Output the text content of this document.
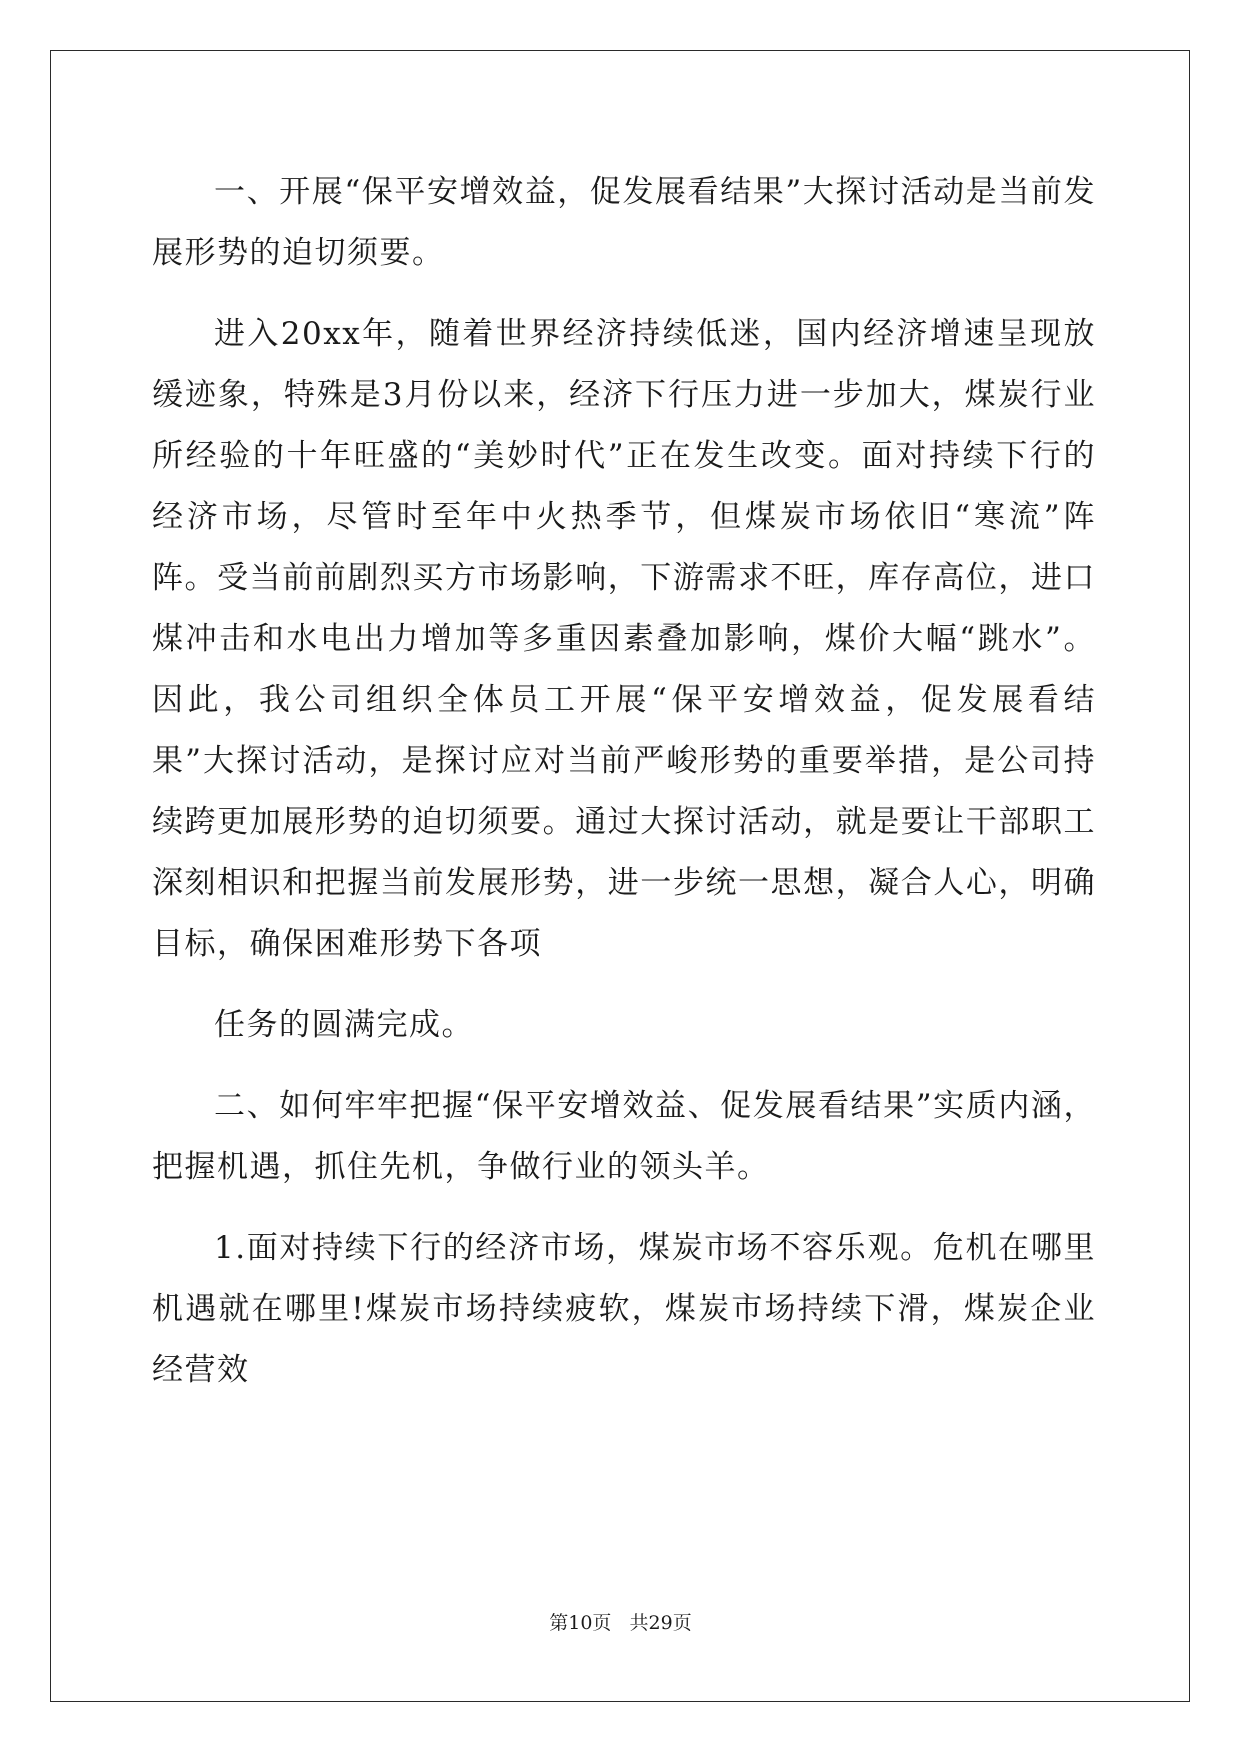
一、开展“保平安增效益，促发展看结果”大探讨活动是当前发展形势的迫切须要。

进入20xx年，随着世界经济持续低迷，国内经济增速呈现放缓迹象，特殊是3月份以来，经济下行压力进一步加大，煤炭行业所经验的十年旺盛的“美妙时代”正在发生改变。面对持续下行的经济市场，尽管时至年中火热季节，但煤炭市场依旧“寒流”阵阵。受当前前剧烈买方市场影响，下游需求不旺，库存高位，进口煤冲击和水电出力增加等多重因素叠加影响，煤价大幅“跳水”。因此，我公司组织全体员工开展“保平安增效益，促发展看结果”大探讨活动，是探讨应对当前严峻形势的重要举措，是公司持续跨更加展形势的迫切须要。通过大探讨活动，就是要让干部职工深刻相识和把握当前发展形势，进一步统一思想，凝合人心，明确目标，确保困难形势下各项

任务的圆满完成。

二、如何牢牢把握“保平安增效益、促发展看结果”实质内涵，把握机遇，抓住先机，争做行业的领头羊。

1.面对持续下行的经济市场，煤炭市场不容乐观。危机在哪里机遇就在哪里!煤炭市场持续疲软，煤炭市场持续下滑，煤炭企业经营效

第10页   共29页
